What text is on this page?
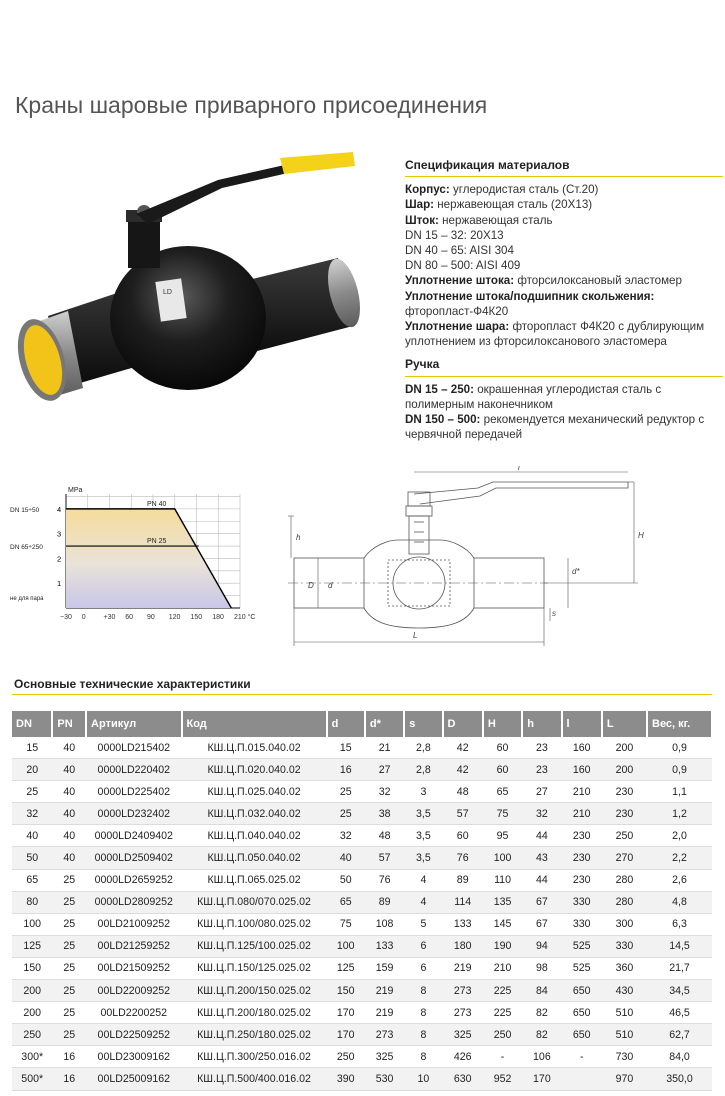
Краны шаровые приварного присоединения
LD
Спецификация материалов
Корпус: углеродистая сталь (Ст.20)
Шар: нержавеющая сталь (20Х13)
Шток: нержавеющая сталь
DN 15 – 32: 20Х13
DN 40 – 65: AISI 304
DN 80 – 500: AISI 409
Уплотнение штока: фторсилоксановый эластомер
Уплотнение штока/подшипник скольжения:
фторопласт-Ф4К20
Уплотнение шара: фторопласт Ф4К20 с дублирующим
уплотнением из фторсилоксанового эластомера
Ручка
DN 15 – 250: окрашенная углеродистая сталь с
полимерным наконечником
DN 150 – 500: рекомендуется механический редуктор с
червячной передачей
−30 0	+30 60 90 120 150 180 210 °C
4
3
2
1
MPa
PN 40
PN 25
DN 15÷50
DN 65÷250
не для пара
l
H
h
D
d*
s
L
d
Основные технические характеристики
DN	PN	Артикул	Код	d	d*	s	D	H	h	l	L	Вес, кг.
15	40	0000LD215402	КШ.Ц.П.015.040.02	15	21	2,8	42	60	23	160	200	0,9
20	40	0000LD220402	КШ.Ц.П.020.040.02	16	27	2,8	42	60	23	160	200	0,9
25	40	0000LD225402	КШ.Ц.П.025.040.02	25	32	3	48	65	27	210	230	1,1
32	40	0000LD232402	КШ.Ц.П.032.040.02	25	38	3,5	57	75	32	210	230	1,2
40	40	0000LD2409402	КШ.Ц.П.040.040.02	32	48	3,5	60	95	44	230	250	2,0
50	40	0000LD2509402	КШ.Ц.П.050.040.02	40	57	3,5	76	100	43	230	270	2,2
65	25	0000LD2659252	КШ.Ц.П.065.025.02	50	76	4	89	110	44	230	280	2,6
80	25	0000LD2809252	КШ.Ц.П.080/070.025.02	65	89	4	114	135	67	330	280	4,8
100	25	00LD21009252	КШ.Ц.П.100/080.025.02	75	108	5	133	145	67	330	300	6,3
125	25	00LD21259252	КШ.Ц.П.125/100.025.02	100	133	6	180	190	94	525	330	14,5
150	25	00LD21509252	КШ.Ц.П.150/125.025.02	125	159	6	219	210	98	525	360	21,7
200	25	00LD22009252	КШ.Ц.П.200/150.025.02	150	219	8	273	225	84	650	430	34,5
200	25	00LD2200252	КШ.Ц.П.200/180.025.02	170	219	8	273	225	82	650	510	46,5
250	25	00LD22509252	КШ.Ц.П.250/180.025.02	170	273	8	325	250	82	650	510	62,7
300*	16	00LD23009162	КШ.Ц.П.300/250.016.02	250	325	8	426	-	106	-	730	84,0
500*	16	00LD25009162	КШ.Ц.П.500/400.016.02	390	530	10	630	952	170		970	350,0
